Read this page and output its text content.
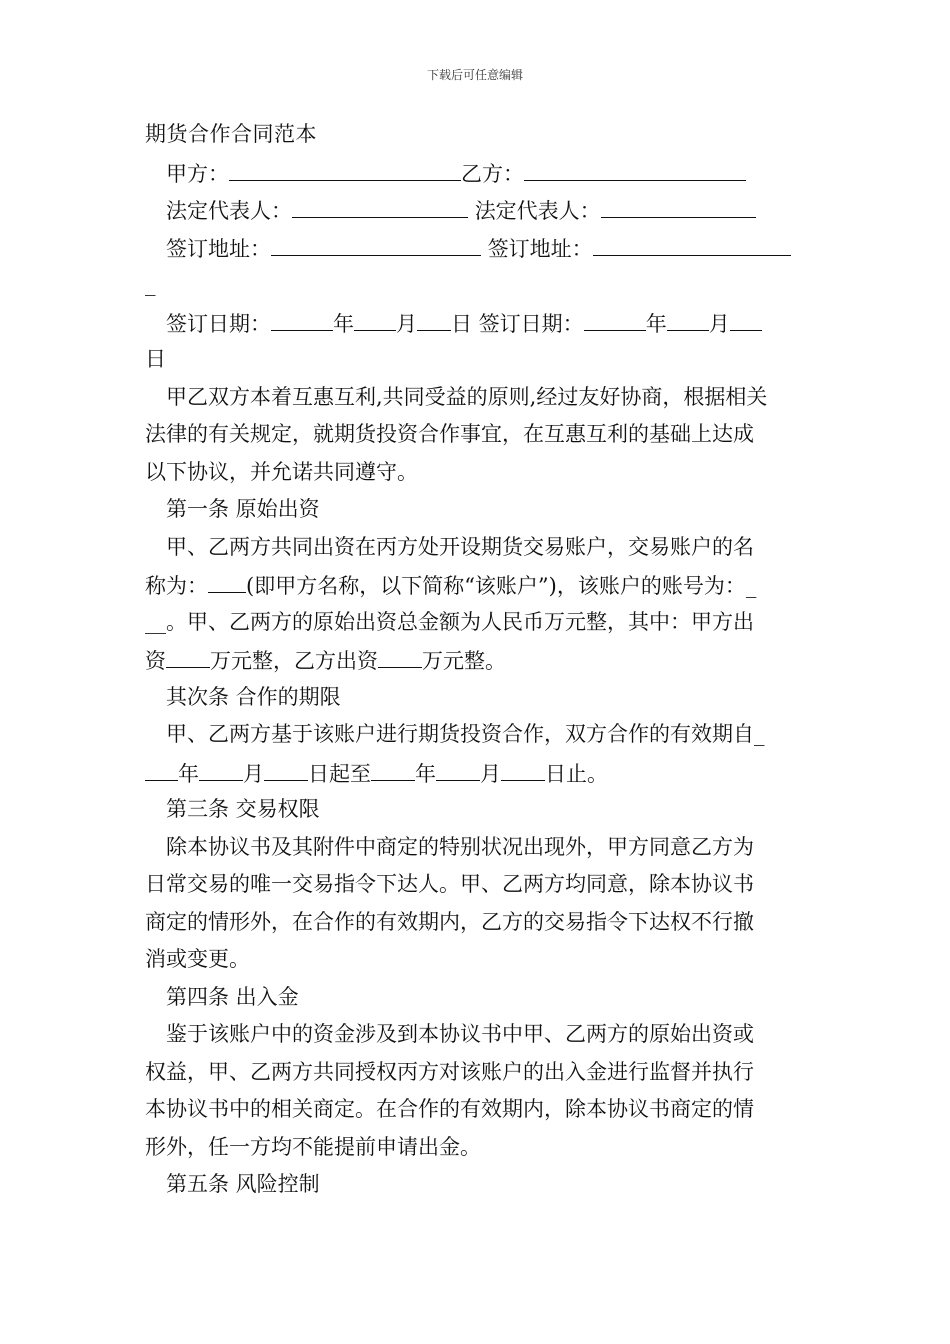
下载后可任意编辑
期货合作合同范本
甲方：	乙方：
法定代表人：	法定代表人：
签订地址：	签订地址：
_
签订日期：	年 月 日 签订日期：	年 月
日
甲乙双方本着互惠互利,共同受益的原则,经过友好协商，根据相关
法律的有关规定，就期货投资合作事宜，在互惠互利的基础上达成
以下协议，并允诺共同遵守。
第一条 原始出资
甲、乙两方共同出资在丙方处开设期货交易账户，交易账户的名
称为： (即甲方名称，以下简称“该账户”)，该账户的账号为：_
__。甲、乙两方的原始出资总金额为人民币万元整，其中：甲方出
资 万元整，乙方出资 万元整。
其次条 合作的期限
甲、乙两方基于该账户进行期货投资合作，双方合作的有效期自_
年 月 日起至 年 月 日止。
第三条 交易权限
除本协议书及其附件中商定的特别状况出现外，甲方同意乙方为
日常交易的唯一交易指令下达人。甲、乙两方均同意，除本协议书
商定的情形外，在合作的有效期内，乙方的交易指令下达权不行撤
消或变更。
第四条 出入金
鉴于该账户中的资金涉及到本协议书中甲、乙两方的原始出资或
权益，甲、乙两方共同授权丙方对该账户的出入金进行监督并执行
本协议书中的相关商定。在合作的有效期内，除本协议书商定的情
形外，任一方均不能提前申请出金。
第五条 风险控制
